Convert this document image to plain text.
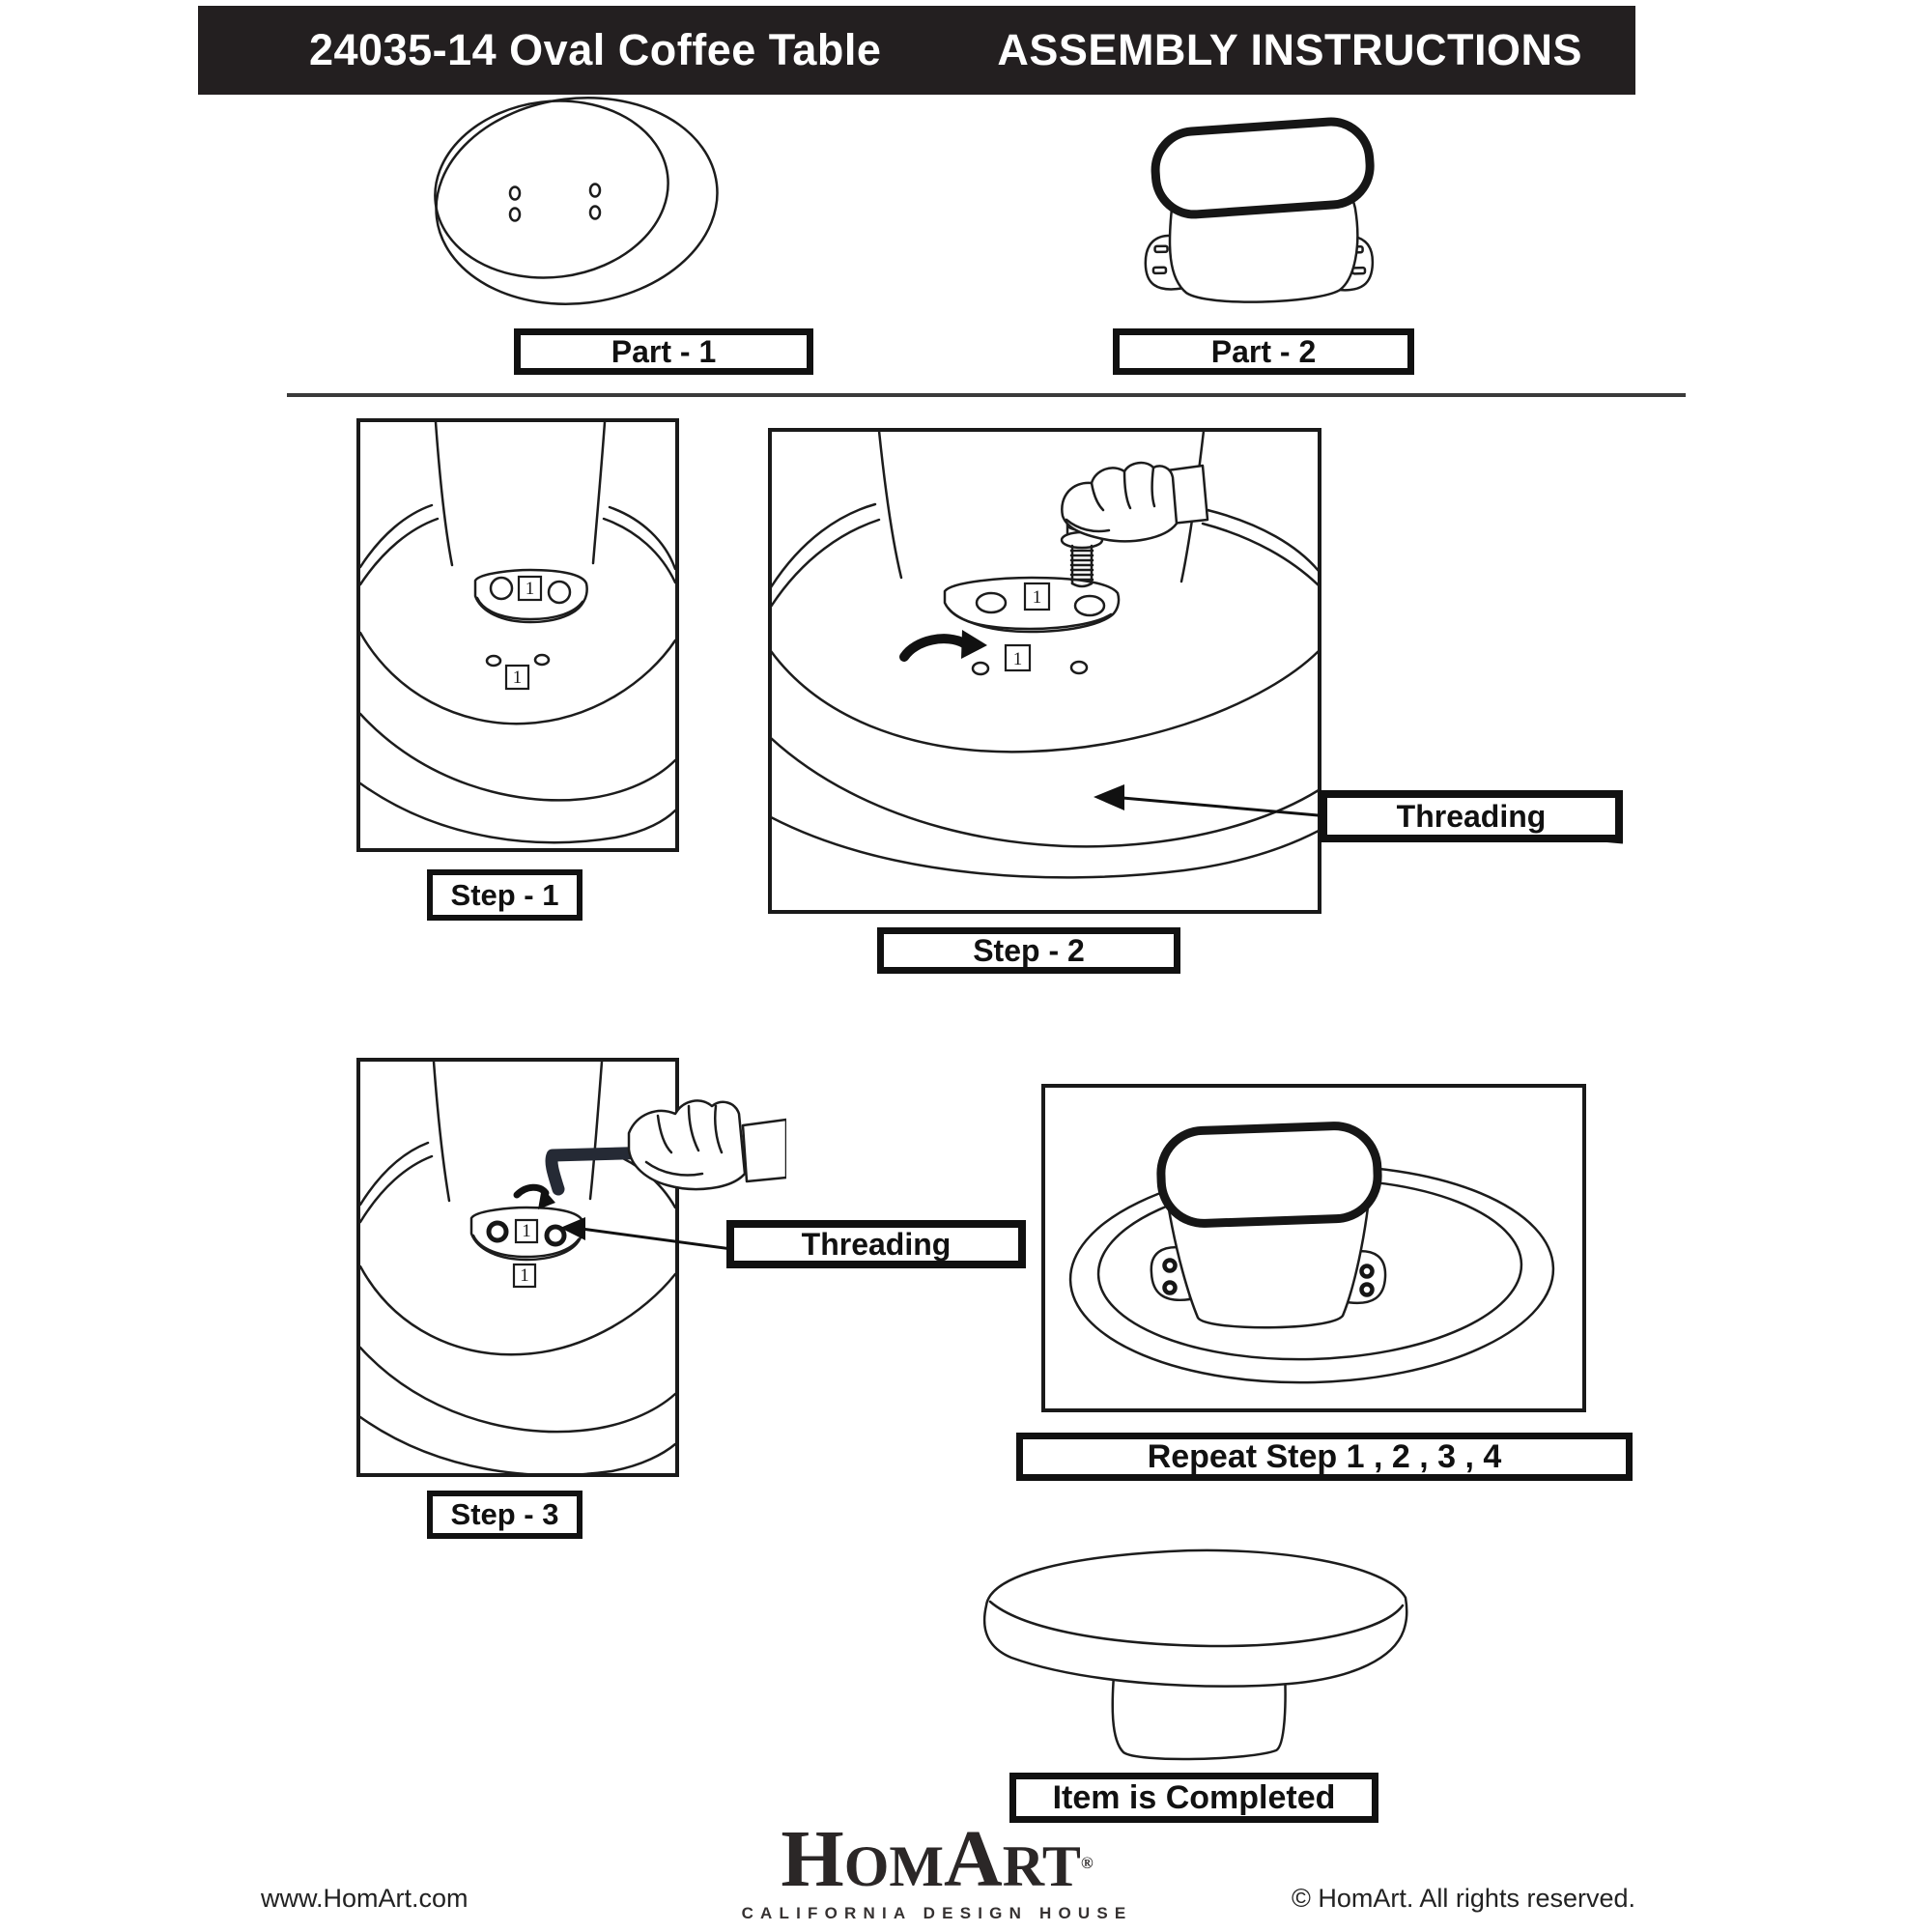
24035-14 Oval Coffee Table	ASSEMBLY INSTRUCTIONS
Part - 1	Part - 2
1
1
Step - 1
1
1
Step - 2
Threading
1
1
Step - 3
Threading
Repeat Step 1 , 2 , 3 , 4
Item is Completed
HOMART®
CALIFORNIA DESIGN HOUSE
www.HomArt.com	© HomArt. All rights reserved.
